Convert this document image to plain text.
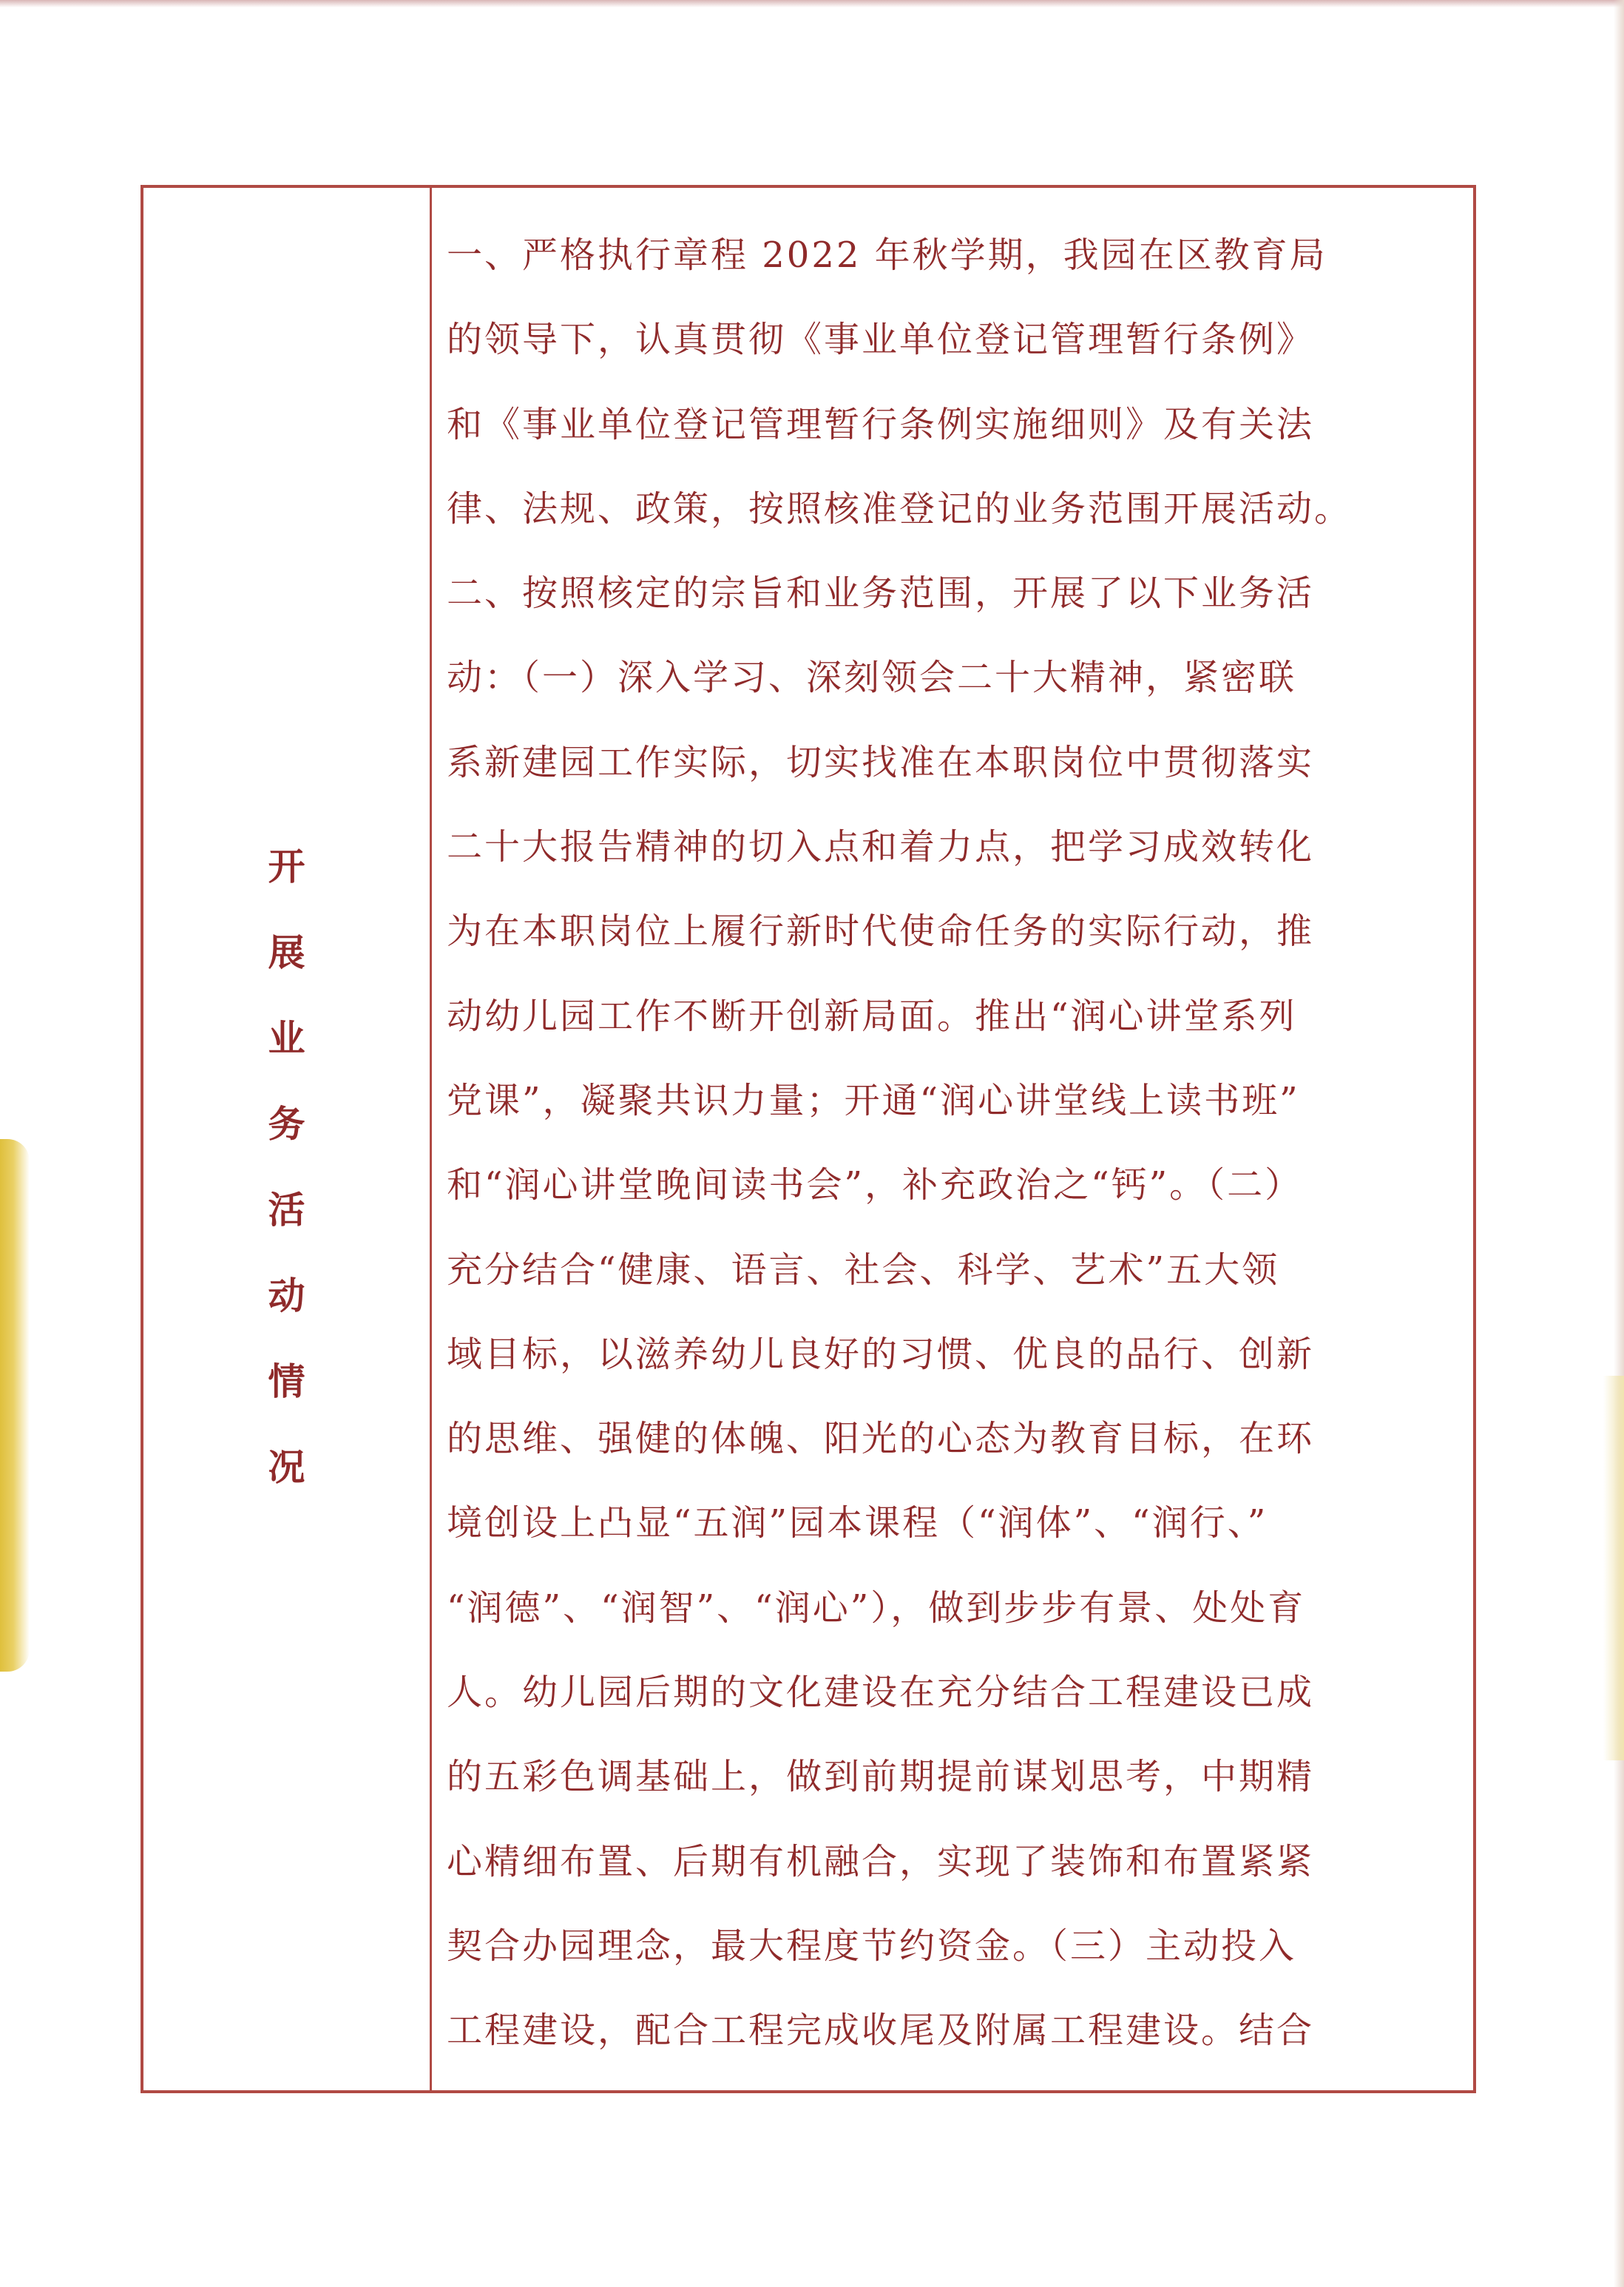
开
展
业
务
活
动
情
况
一、严格执行章程 2022 年秋学期，我园在区教育局
的领导下，认真贯彻《事业单位登记管理暂行条例》
和《事业单位登记管理暂行条例实施细则》及有关法
律、法规、政策，按照核准登记的业务范围开展活动。
二、按照核定的宗旨和业务范围，开展了以下业务活
动：（一）深入学习、深刻领会二十大精神，紧密联
系新建园工作实际，切实找准在本职岗位中贯彻落实
二十大报告精神的切入点和着力点，把学习成效转化
为在本职岗位上履行新时代使命任务的实际行动，推
动幼儿园工作不断开创新局面。推出“润心讲堂系列
党课”，凝聚共识力量；开通“润心讲堂线上读书班”
和“润心讲堂晚间读书会”，补充政治之“钙”。（二）
充分结合“健康、语言、社会、科学、艺术”五大领
域目标，以滋养幼儿良好的习惯、优良的品行、创新
的思维、强健的体魄、阳光的心态为教育目标，在环
境创设上凸显“五润”园本课程（“润体”、“润行、”
“润德”、“润智”、“润心”），做到步步有景、处处育
人。幼儿园后期的文化建设在充分结合工程建设已成
的五彩色调基础上，做到前期提前谋划思考，中期精
心精细布置、后期有机融合，实现了装饰和布置紧紧
契合办园理念，最大程度节约资金。（三）主动投入
工程建设，配合工程完成收尾及附属工程建设。结合
